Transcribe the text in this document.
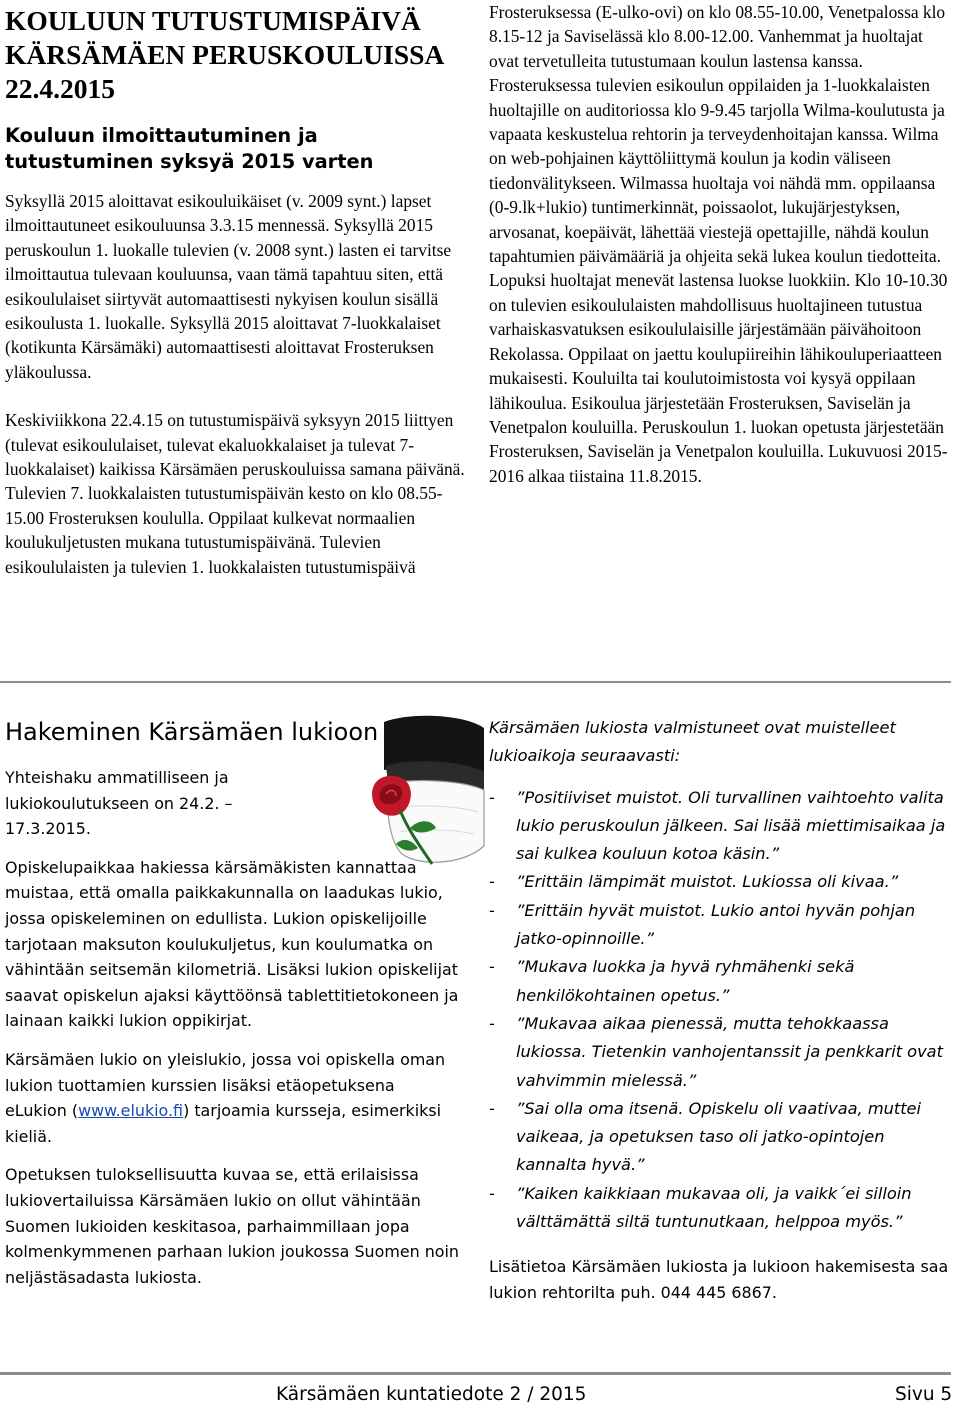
KOULUUN TUTUSTUMISPÄIVÄ
KÄRSÄMÄEN PERUSKOULUISSA
22.4.2015
Kouluun ilmoittautuminen ja
tutustuminen syksyä 2015 varten

Syksyllä 2015 aloittavat esikouluikäiset (v. 2009 synt.) lapset ilmoittautuneet esikouluunsa 3.3.15 mennessä. Syksyllä 2015 peruskoulun 1. luokalle tulevien (v. 2008 synt.) lasten ei tarvitse ilmoittautua tulevaan kouluunsa, vaan tämä tapahtuu siten, että esikoululaiset siirtyvät automaattisesti nykyisen koulun sisällä esikoulusta 1. luokalle. Syksyllä 2015 aloittavat 7-luokkalaiset (kotikunta Kärsämäki) automaattisesti aloittavat Frosteruksen yläkoulussa.

Keskiviikkona 22.4.15 on tutustumispäivä syksyyn 2015 liittyen (tulevat esikoululaiset, tulevat ekaluokkalaiset ja tulevat 7-luokkalaiset) kaikissa Kärsämäen peruskouluissa samana päivänä. Tulevien 7. luokkalaisten tutustumispäivän kesto on klo 08.55-15.00 Frosteruksen koululla. Oppilaat kulkevat normaalien koulukuljetusten mukana tutustumispäivänä. Tulevien esikoululaisten ja tulevien 1. luokkalaisten tutustumispäivä

Frosteruksessa (E-ulko-ovi) on klo 08.55-10.00, Venetpalossa klo 8.15-12 ja Saviselässä klo 8.00-12.00. Vanhemmat ja huoltajat ovat tervetulleita tutustumaan koulun lastensa kanssa. Frosteruksessa tulevien esikoulun oppilaiden ja 1-luokkalaisten huoltajille on auditoriossa klo 9-9.45 tarjolla Wilma-koulutusta ja vapaata keskustelua rehtorin ja terveydenhoitajan kanssa. Wilma on web-pohjainen käyttöliittymä koulun ja kodin väliseen tiedonvälitykseen. Wilmassa huoltaja voi nähdä mm. oppilaansa (0-9.lk+lukio) tuntimerkinnät, poissaolot, lukujärjestyksen, arvosanat, koepäivät, lähettää viestejä opettajille, nähdä koulun tapahtumien päivämääriä ja ohjeita sekä lukea koulun tiedotteita. Lopuksi huoltajat menevät lastensa luokse luokkiin. Klo 10-10.30 on tulevien esikoululaisten mahdollisuus huoltajineen tutustua varhaiskasvatuksen esikoululaisille järjestämään päivähoitoon Rekolassa. Oppilaat on jaettu koulupiireihin lähikouluperiaatteen mukaisesti. Kouluilta tai koulutoimistosta voi kysyä oppilaan lähikoulua. Esikoulua järjestetään Frosteruksen, Saviselän ja Venetpalon kouluilla. Peruskoulun 1. luokan opetusta järjestetään Frosteruksen, Saviselän ja Venetpalon kouluilla. Lukuvuosi 2015-2016 alkaa tiistaina 11.8.2015.

Hakeminen Kärsämäen lukioon

Yhteishaku ammatilliseen ja
lukiokoulutukseen on 24.2. –
17.3.2015.

Opiskelupaikkaa hakiessa kärsämäkisten kannattaa muistaa, että omalla paikkakunnalla on laadukas lukio, jossa opiskeleminen on edullista. Lukion opiskelijoille tarjotaan maksuton koulukuljetus, kun koulumatka on vähintään seitsemän kilometriä. Lisäksi lukion opiskelijat saavat opiskelun ajaksi käyttöönsä tablettitietokoneen ja lainaan kaikki lukion oppikirjat.

Kärsämäen lukio on yleislukio, jossa voi opiskella oman lukion tuottamien kurssien lisäksi etäopetuksena eLukion (www.elukio.fi) tarjoamia kursseja, esimerkiksi kieliä.

Opetuksen tuloksellisuutta kuvaa se, että erilaisissa lukiovertailuissa Kärsämäen lukio on ollut vähintään Suomen lukioiden keskitasoa, parhaimmillaan jopa kolmenkymmenen parhaan lukion joukossa Suomen noin neljästäsadasta lukiosta.

Kärsämäen lukiosta valmistuneet ovat muistelleet lukioaikoja seuraavasti:

- ”Positiiviset muistot. Oli turvallinen vaihtoehto valita lukio peruskoulun jälkeen. Sai lisää miettimisaikaa ja sai kulkea kouluun kotoa käsin.”
- ”Erittäin lämpimät muistot. Lukiossa oli kivaa.”
- ”Erittäin hyvät muistot. Lukio antoi hyvän pohjan jatko-opinnoille.”
- ”Mukava luokka ja hyvä ryhmähenki sekä henkilökohtainen opetus.”
- ”Mukavaa aikaa pienessä, mutta tehokkaassa lukiossa. Tietenkin vanhojentanssit ja penkkarit ovat vahvimmin mielessä.”
- ”Sai olla oma itsenä. Opiskelu oli vaativaa, muttei vaikeaa, ja opetuksen taso oli jatko-opintojen kannalta hyvä.”
- ”Kaiken kaikkiaan mukavaa oli, ja vaikk´ei silloin välttämättä siltä tuntunutkaan, helppoa myös.”

Lisätietoa Kärsämäen lukiosta ja lukioon hakemisesta saa lukion rehtorilta puh. 044 445 6867.

Kärsämäen kuntatiedote 2 / 2015	Sivu 5
